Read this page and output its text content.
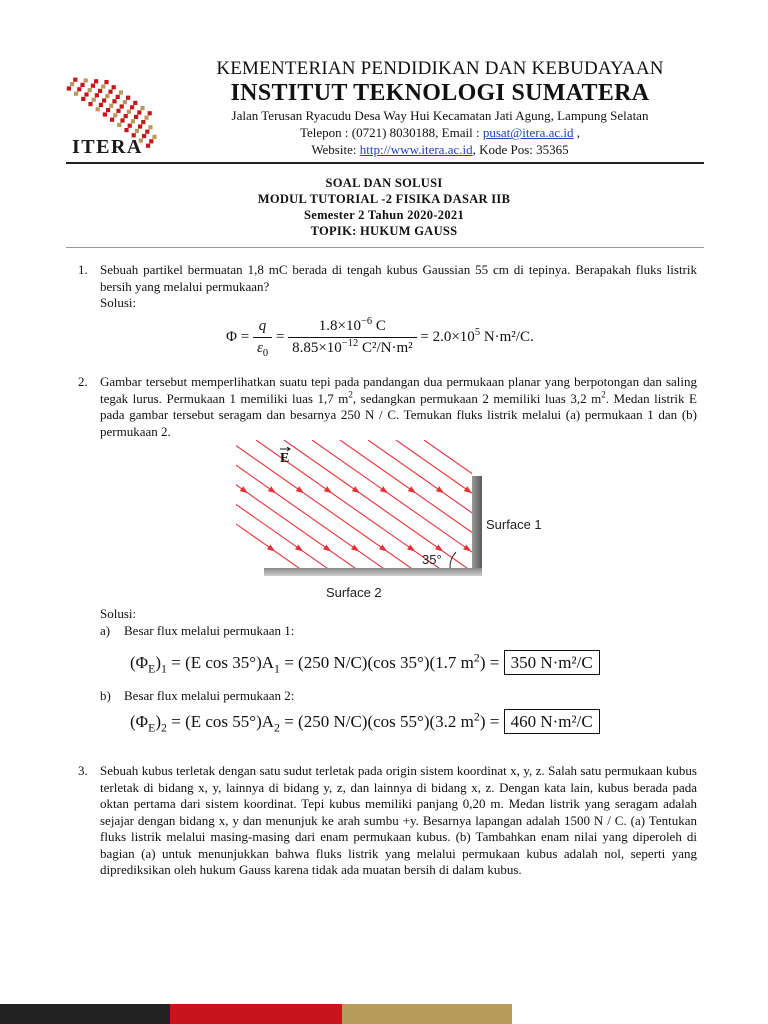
ITERA
KEMENTERIAN PENDIDIKAN DAN KEBUDAYAAN
INSTITUT TEKNOLOGI SUMATERA
Jalan Terusan Ryacudu Desa Way Hui Kecamatan Jati Agung, Lampung Selatan
Telepon : (0721) 8030188, Email : pusat@itera.ac.id ,
Website: http://www.itera.ac.id, Kode Pos: 35365
SOAL DAN SOLUSI
MODUL TUTORIAL -2 FISIKA DASAR IIB
Semester 2 Tahun 2020-2021
TOPIK: HUKUM GAUSS
1. Sebuah partikel bermuatan 1,8 mC berada di tengah kubus Gaussian 55 cm di tepinya. Berapakah fluks listrik bersih yang melalui permukaan?
Solusi:
$\Phi = \frac{q}{\varepsilon_0} = \frac{1.8\times 10^{-6} C}{8.85\times 10^{-12} C^2/N\cdot m^2} = 2.0\times 10^5$ N·m²/C.
2. Gambar tersebut memperlihatkan suatu tepi pada pandangan dua permukaan planar yang berpotongan dan saling tegak lurus. Permukaan 1 memiliki luas 1,7 $m^2$, sedangkan permukaan 2 memiliki luas 3,2 $m^2$. Medan listrik E pada gambar tersebut seragam dan besarnya 250 N / C. Temukan fluks listrik melalui (a) permukaan 1 dan (b) permukaan 2.
E
35°
Surface 1
Surface 2
Solusi:
a) Besar flux melalui permukaan 1:
$(\Phi_E)_1 = (E$ $\cos 35^\circ)A_1 = (250$ N/C)(cos 35°)(1.7 $m^2) = 350$ N·m²/C
b) Besar flux melalui permukaan 2:
$(\Phi_E)_2 = (E$ $\cos 55^\circ)A_2 = (250$ N/C)(cos 55°)(3.2 $m^2) = 460$ N·m²/C
3. Sebuah kubus terletak dengan satu sudut terletak pada origin sistem koordinat x, y, z. Salah satu permukaan kubus terletak di bidang x, y, lainnya di bidang y, z, dan lainnya di bidang x, z. Dengan kata lain, kubus berada pada oktan pertama dari sistem koordinat. Tepi kubus memiliki panjang 0,20 m. Medan listrik yang seragam adalah sejajar dengan bidang x, y dan menunjuk ke arah sumbu +y. Besarnya lapangan adalah 1500 N / C. (a) Tentukan fluks listrik melalui masing-masing dari enam permukaan kubus. (b) Tambahkan enam nilai yang diperoleh di bagian (a) untuk menunjukkan bahwa fluks listrik yang melalui permukaan kubus adalah nol, seperti yang diprediksikan oleh hukum Gauss karena tidak ada muatan bersih di dalam kubus.
